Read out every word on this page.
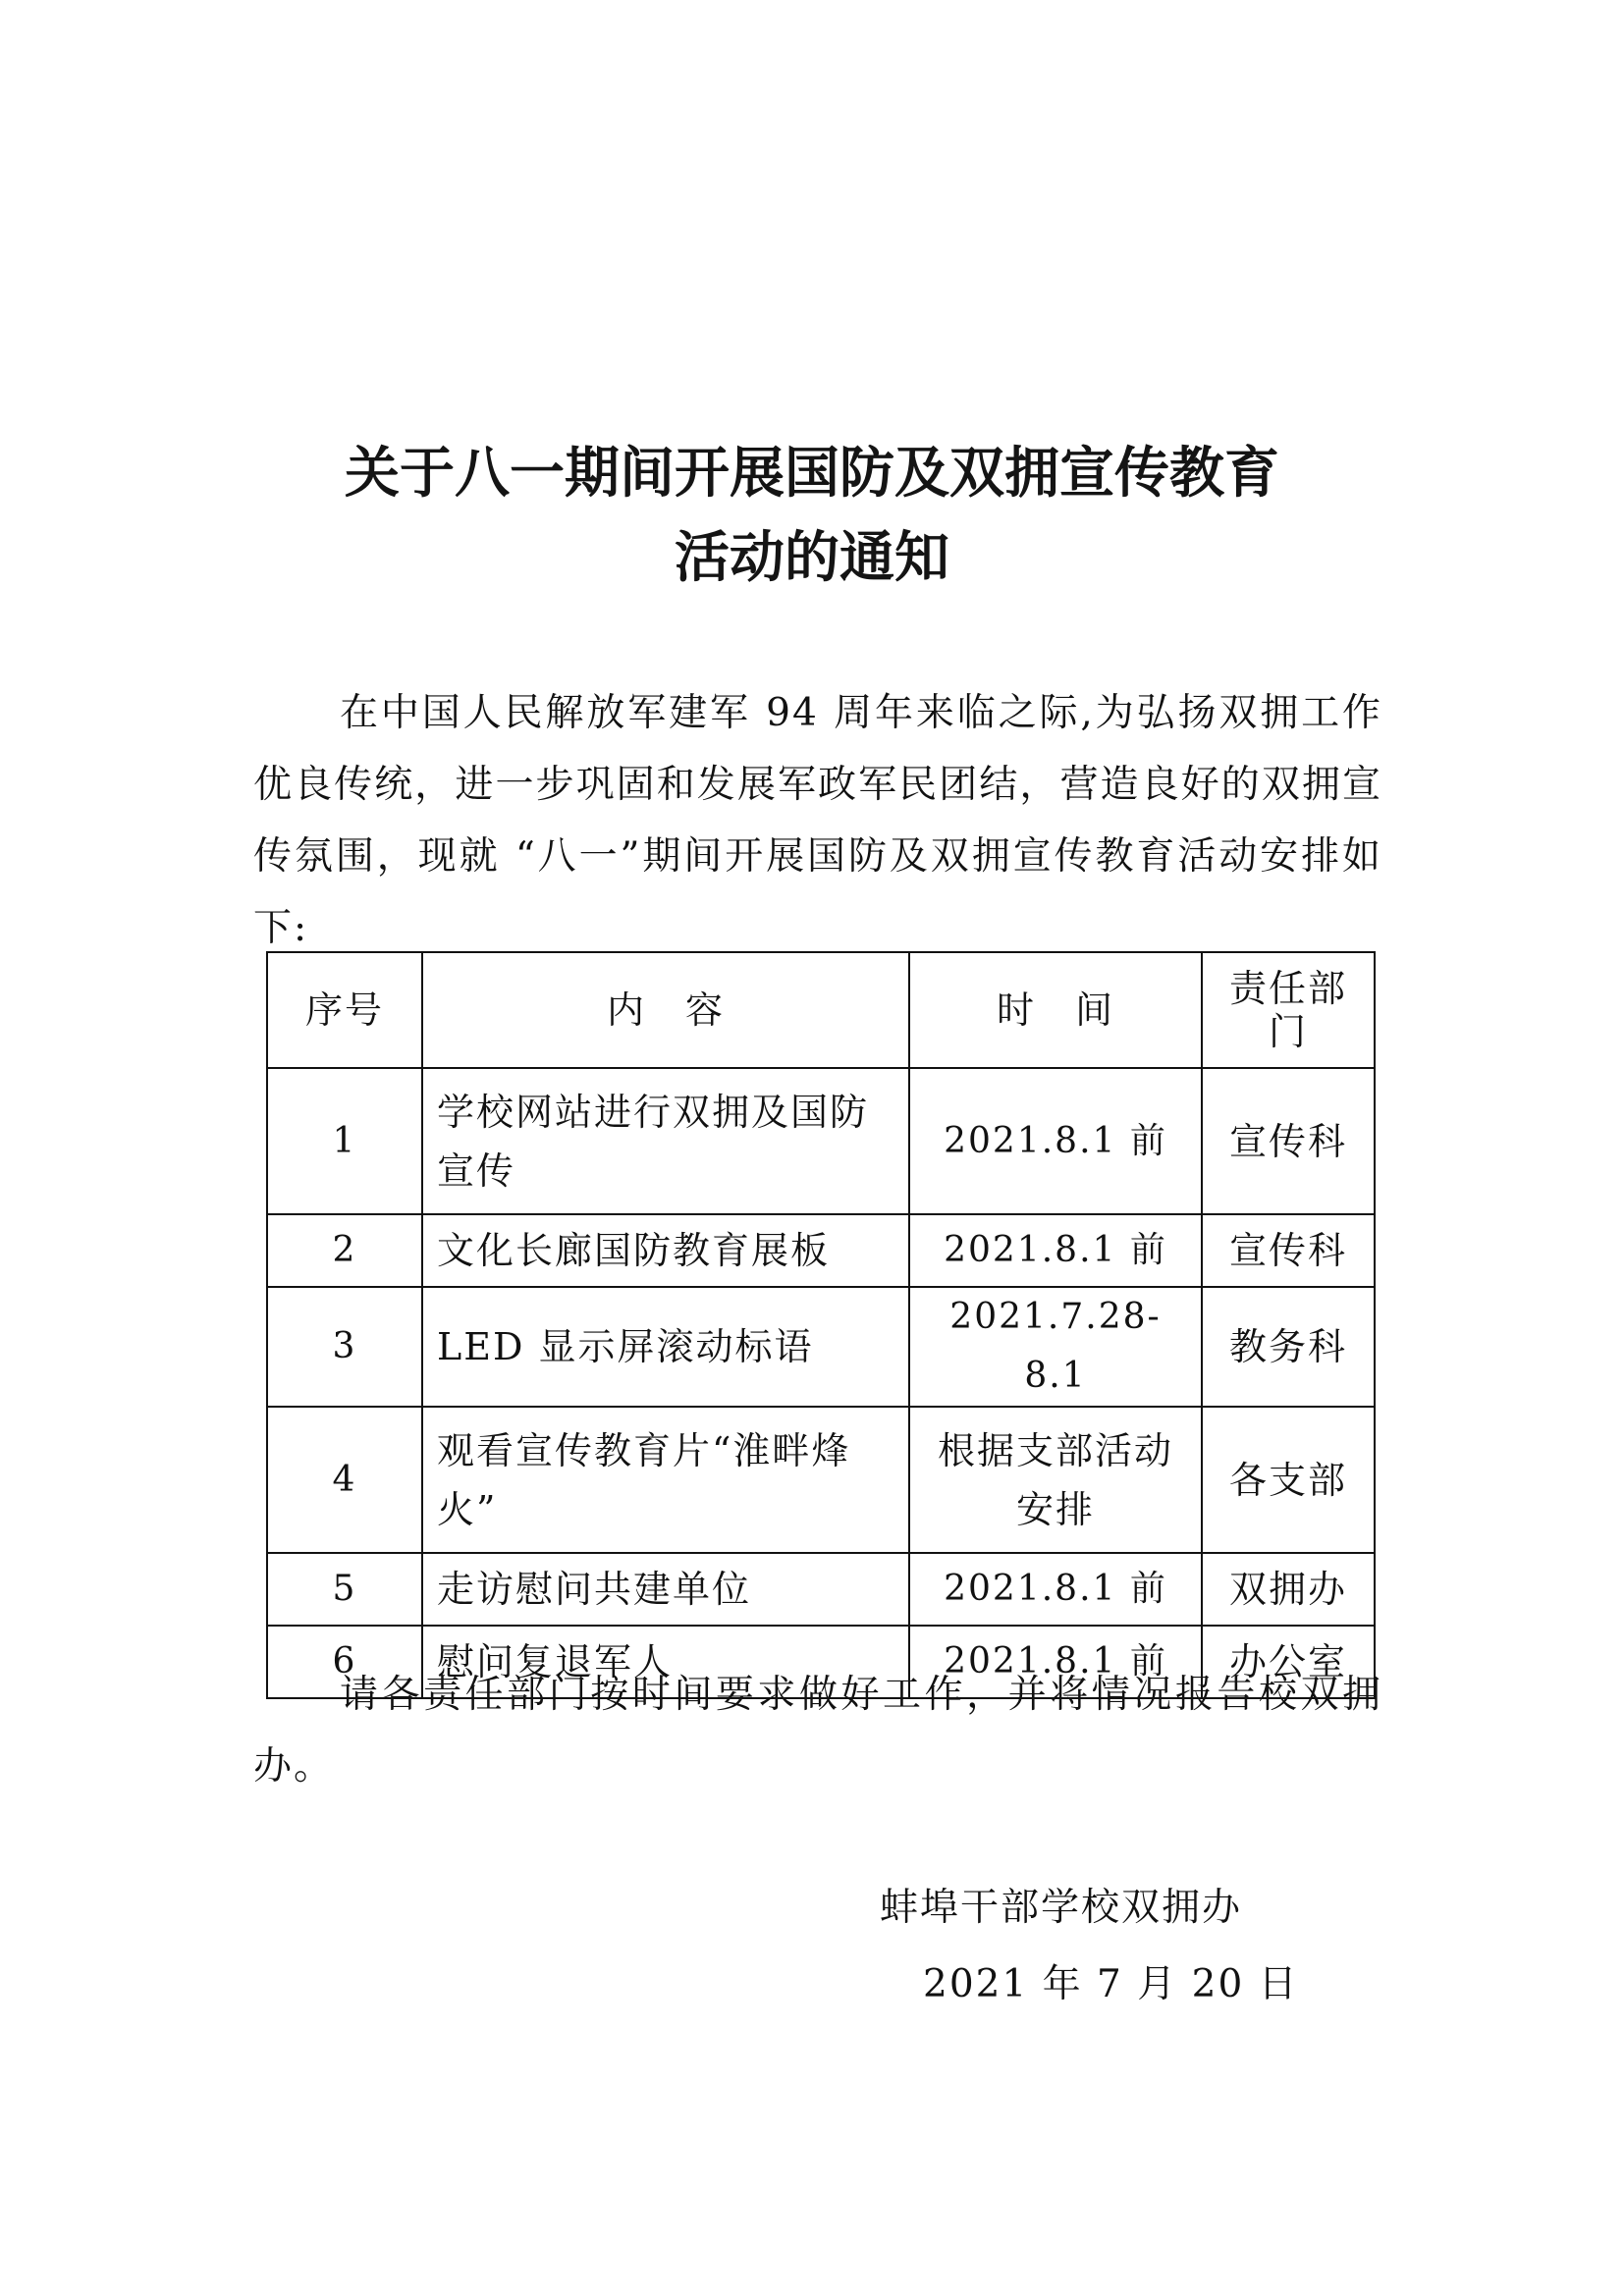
关于八一期间开展国防及双拥宣传教育
活动的通知

在中国人民解放军建军 94 周年来临之际,为弘扬双拥工作优良传统，进一步巩固和发展军政军民团结，营造良好的双拥宣传氛围，现就 “八一”期间开展国防及双拥宣传教育活动安排如下:

序号	内　容	时　间	责任部门
1	学校网站进行双拥及国防宣传	2021.8.1 前	宣传科
2	文化长廊国防教育展板	2021.8.1 前	宣传科
3	LED 显示屏滚动标语	2021.7.28-8.1	教务科
4	观看宣传教育片“淮畔烽火”	根据支部活动安排	各支部
5	走访慰问共建单位	2021.8.1 前	双拥办
6	慰问复退军人	2021.8.1 前	办公室

请各责任部门按时间要求做好工作，并将情况报告校双拥办。

蚌埠干部学校双拥办
2021 年 7 月 20 日
